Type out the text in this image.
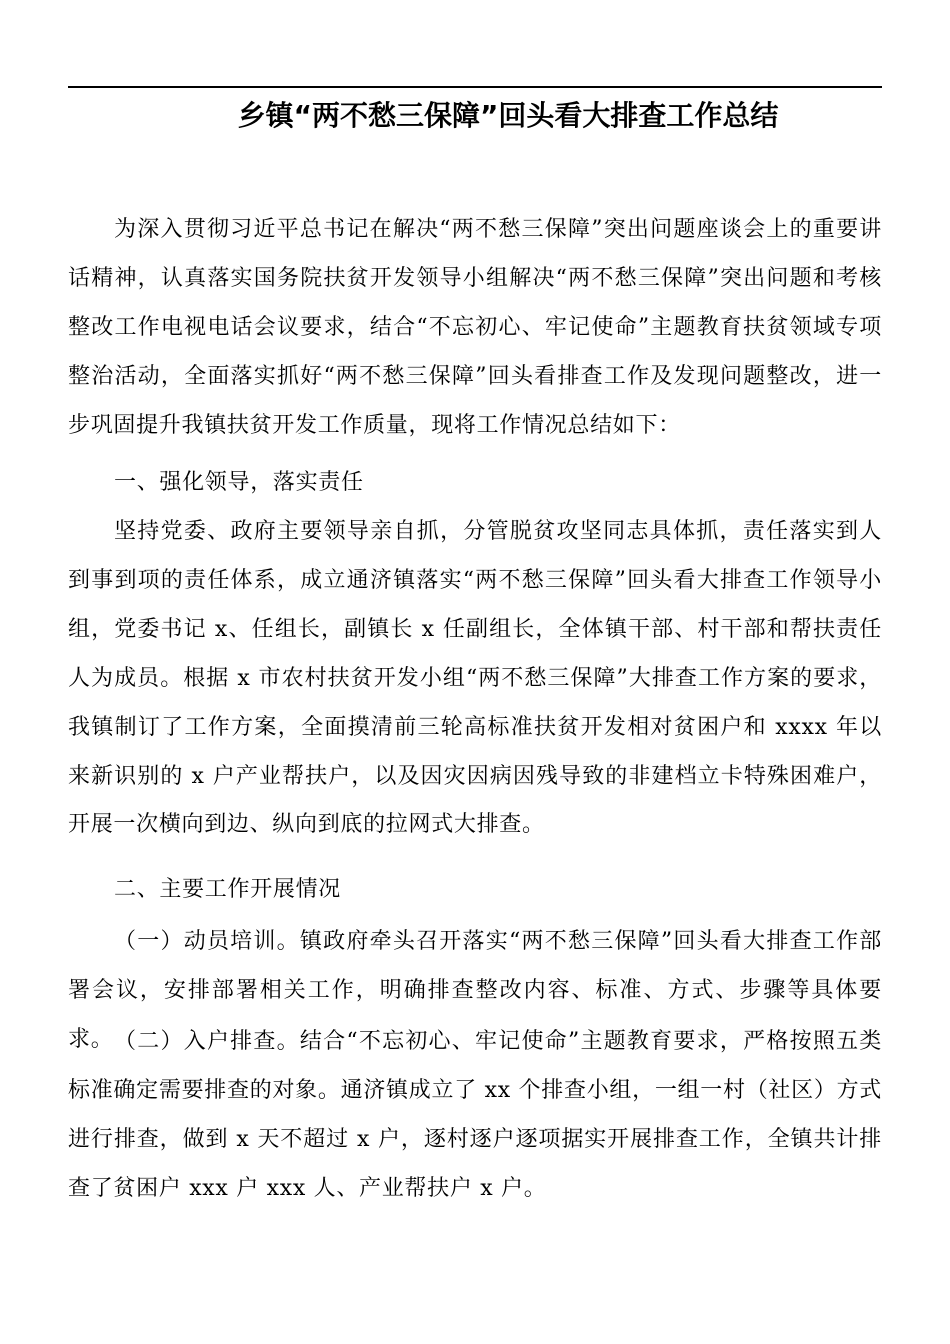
乡镇“两不愁三保障”回头看大排查工作总结

为深入贯彻习近平总书记在解决“两不愁三保障”突出问题座谈会上的重要讲话精神，认真落实国务院扶贫开发领导小组解决“两不愁三保障”突出问题和考核整改工作电视电话会议要求，结合“不忘初心、牢记使命”主题教育扶贫领域专项整治活动，全面落实抓好“两不愁三保障”回头看排查工作及发现问题整改，进一步巩固提升我镇扶贫开发工作质量，现将工作情况总结如下：

一、强化领导，落实责任

坚持党委、政府主要领导亲自抓，分管脱贫攻坚同志具体抓，责任落实到人到事到项的责任体系，成立通济镇落实“两不愁三保障”回头看大排查工作领导小组，党委书记 x、任组长，副镇长 x 任副组长，全体镇干部、村干部和帮扶责任人为成员。根据 x 市农村扶贫开发小组“两不愁三保障”大排查工作方案的要求，我镇制订了工作方案，全面摸清前三轮高标准扶贫开发相对贫困户和 xxxx 年以来新识别的 x 户产业帮扶户，以及因灾因病因残导致的非建档立卡特殊困难户，开展一次横向到边、纵向到底的拉网式大排查。

二、主要工作开展情况

（一）动员培训。镇政府牵头召开落实“两不愁三保障”回头看大排查工作部署会议，安排部署相关工作，明确排查整改内容、标准、方式、步骤等具体要求。 （二）入户排查。结合“不忘初心、牢记使命”主题教育要求，严格按照五类标准确定需要排查的对象。通济镇成立了 xx 个排查小组，一组一村（社区）方式进行排查，做到 x 天不超过 x 户，逐村逐户逐项据实开展排查工作，全镇共计排查了贫困户 xxx 户 xxx 人、产业帮扶户 x 户。
